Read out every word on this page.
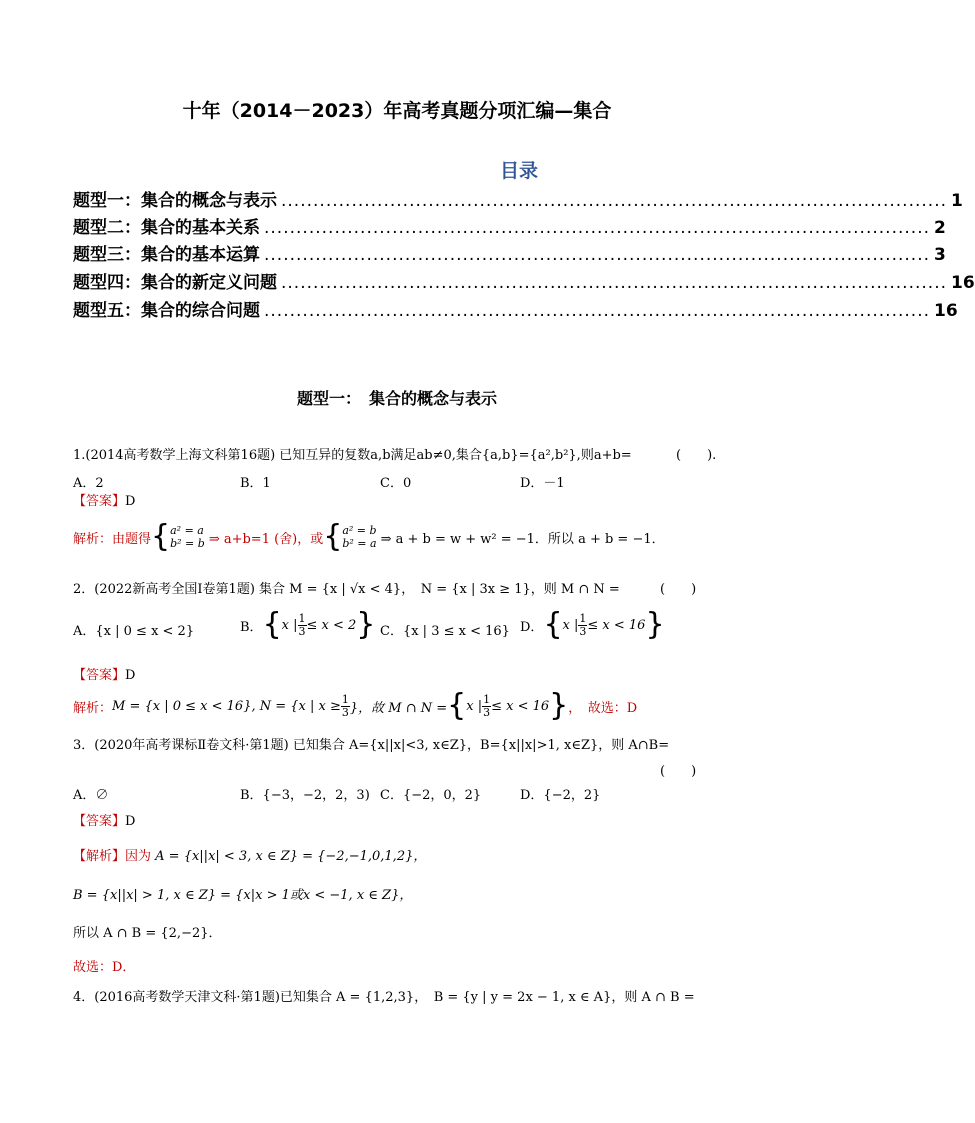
十年（2014－2023）年高考真题分项汇编—集合
目录
题型一： 集合的概念与表示 ........................................................................................................ 1
题型二： 集合的基本关系 ........................................................................................................ 2
题型三： 集合的基本运算 ........................................................................................................ 3
题型四： 集合的新定义问题 ........................................................................................................ 16
题型五： 集合的综合问题 ........................................................................................................ 16
题型一：　集合的概念与表示
1.(2014高考数学上海文科第16题) 已知互异的复数a,b满足ab≠0,集合{a,b}={a²,b²},则a+b=	(　　).
A．2	B．1	C．0	D．－1
【答案】D
解析：由题得 { a² = a
b² = b ⇒ a+b=1 (舍)，或 { a² = b
b² = a ⇒ a + b = w + w² = −1．所以 a + b = −1．
2．(2022新高考全国Ⅰ卷第1题) 集合 M = {x | √x < 4}，　N = {x | 3x ≥ 1}，则 M ∩ N =	(　　)
A．{x | 0 ≤ x < 2}	B． { x | $\frac{1}{3} \le x < 2$ } C．{x | 3 ≤ x < 16} D． { x | $\frac{1}{3} \le x < 16$ }
【答案】D
解析： M = {x | 0 ≤ x < 16}, N = {x | $x \ge \frac{1}{3}$ }，故 M ∩ N = { x | $\frac{1}{3} \le x < 16$ } ，　故选：D
3．(2020年高考课标Ⅱ卷文科·第1题) 已知集合 A={x||x|<3, x∈Z}，B={x||x|>1, x∈Z}，则 A∩B=
(　　)
A．∅	B．{−3，−2，2，3) C．{−2，0，2}	D．{−2，2}
【答案】D
【解析】因为 A = {x||x| < 3, x ∈ Z} = {−2,−1,0,1,2}，
B = {x||x| > 1, x ∈ Z} = {x|x > 1或x < −1, x ∈ Z}，
所以 A ∩ B = {2,−2}．
故选：D．
4．(2016高考数学天津文科·第1题)已知集合 A = {1,2,3}，　B = {y | y = 2x − 1, x ∈ A}，则 A ∩ B =
